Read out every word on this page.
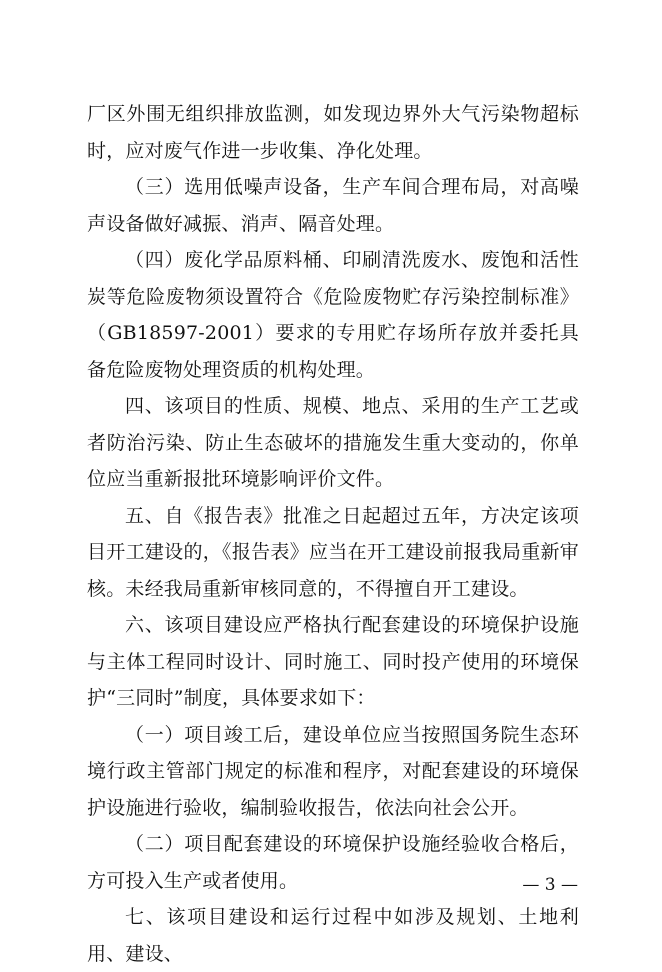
厂区外围无组织排放监测，如发现边界外大气污染物超标时，应对废气作进一步收集、净化处理。

（三）选用低噪声设备，生产车间合理布局，对高噪声设备做好减振、消声、隔音处理。

（四）废化学品原料桶、印刷清洗废水、废饱和活性炭等危险废物须设置符合《危险废物贮存污染控制标准》（GB18597-2001）要求的专用贮存场所存放并委托具备危险废物处理资质的机构处理。

四、该项目的性质、规模、地点、采用的生产工艺或者防治污染、防止生态破坏的措施发生重大变动的，你单位应当重新报批环境影响评价文件。

五、自《报告表》批准之日起超过五年，方决定该项目开工建设的，《报告表》应当在开工建设前报我局重新审核。未经我局重新审核同意的，不得擅自开工建设。

六、该项目建设应严格执行配套建设的环境保护设施与主体工程同时设计、同时施工、同时投产使用的环境保护“三同时”制度，具体要求如下：

（一）项目竣工后，建设单位应当按照国务院生态环境行政主管部门规定的标准和程序，对配套建设的环境保护设施进行验收，编制验收报告，依法向社会公开。

（二）项目配套建设的环境保护设施经验收合格后，方可投入生产或者使用。

七、该项目建设和运行过程中如涉及规划、土地利用、建设、

— 3 —
